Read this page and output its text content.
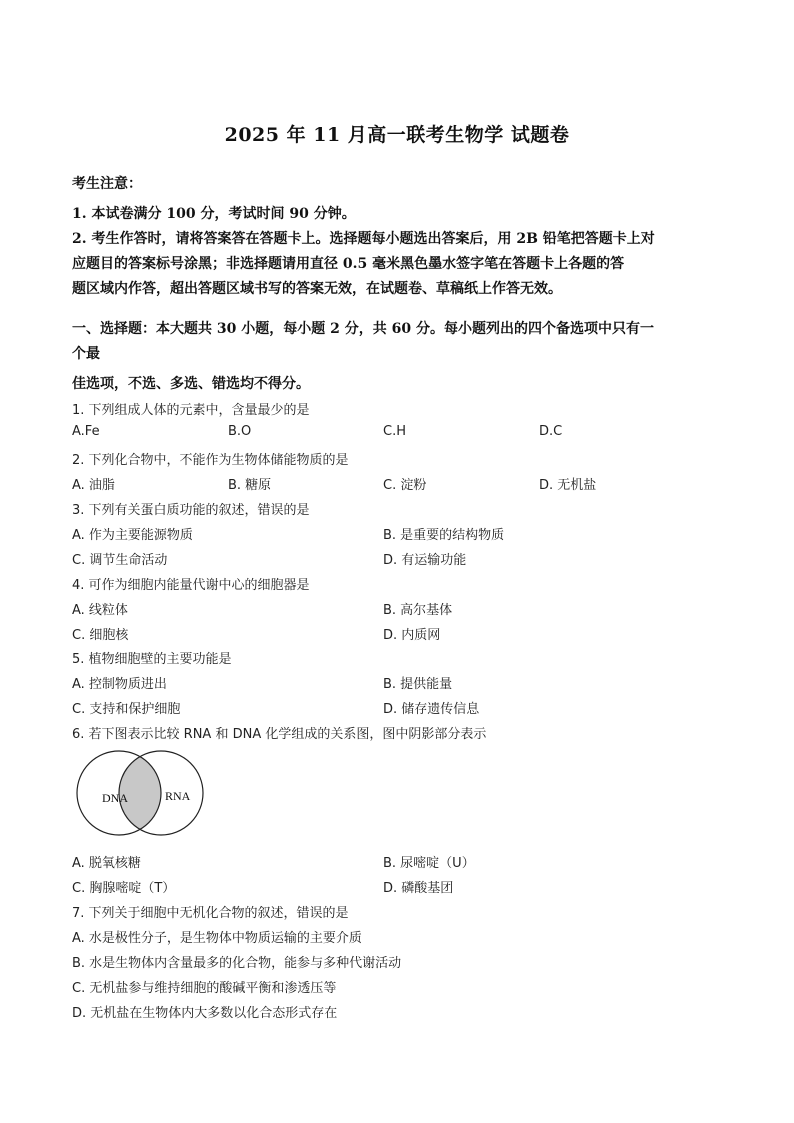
2025 年 11 月高一联考生物学 试题卷
考生注意：
1. 本试卷满分 100 分，考试时间 90 分钟。
2. 考生作答时，请将答案答在答题卡上。选择题每小题选出答案后，用 2B 铅笔把答题卡上对
应题目的答案标号涂黑；非选择题请用直径 0.5 毫米黑色墨水签字笔在答题卡上各题的答
题区域内作答，超出答题区域书写的答案无效，在试题卷、草稿纸上作答无效。
一、选择题：本大题共 30 小题，每小题 2 分，共 60 分。每小题列出的四个备选项中只有一
个最
佳选项，不选、多选、错选均不得分。
1. 下列组成人体的元素中，含量最少的是
A.Fe	B.O	C.H	D.C
2. 下列化合物中，不能作为生物体储能物质的是
A. 油脂	B. 糖原	C. 淀粉	D. 无机盐
3. 下列有关蛋白质功能的叙述，错误的是
A. 作为主要能源物质	B. 是重要的结构物质
C. 调节生命活动	D. 有运输功能
4. 可作为细胞内能量代谢中心的细胞器是
A. 线粒体	B. 高尔基体
C. 细胞核	D. 内质网
5. 植物细胞壁的主要功能是
A. 控制物质进出	B. 提供能量
C. 支持和保护细胞	D. 储存遗传信息
6. 若下图表示比较 RNA 和 DNA 化学组成的关系图，图中阴影部分表示
DNA	RNA
A. 脱氧核糖	B. 尿嘧啶（U）
C. 胸腺嘧啶（T）	D. 磷酸基团
7. 下列关于细胞中无机化合物的叙述，错误的是
A. 水是极性分子，是生物体中物质运输的主要介质
B. 水是生物体内含量最多的化合物，能参与多种代谢活动
C. 无机盐参与维持细胞的酸碱平衡和渗透压等
D. 无机盐在生物体内大多数以化合态形式存在
